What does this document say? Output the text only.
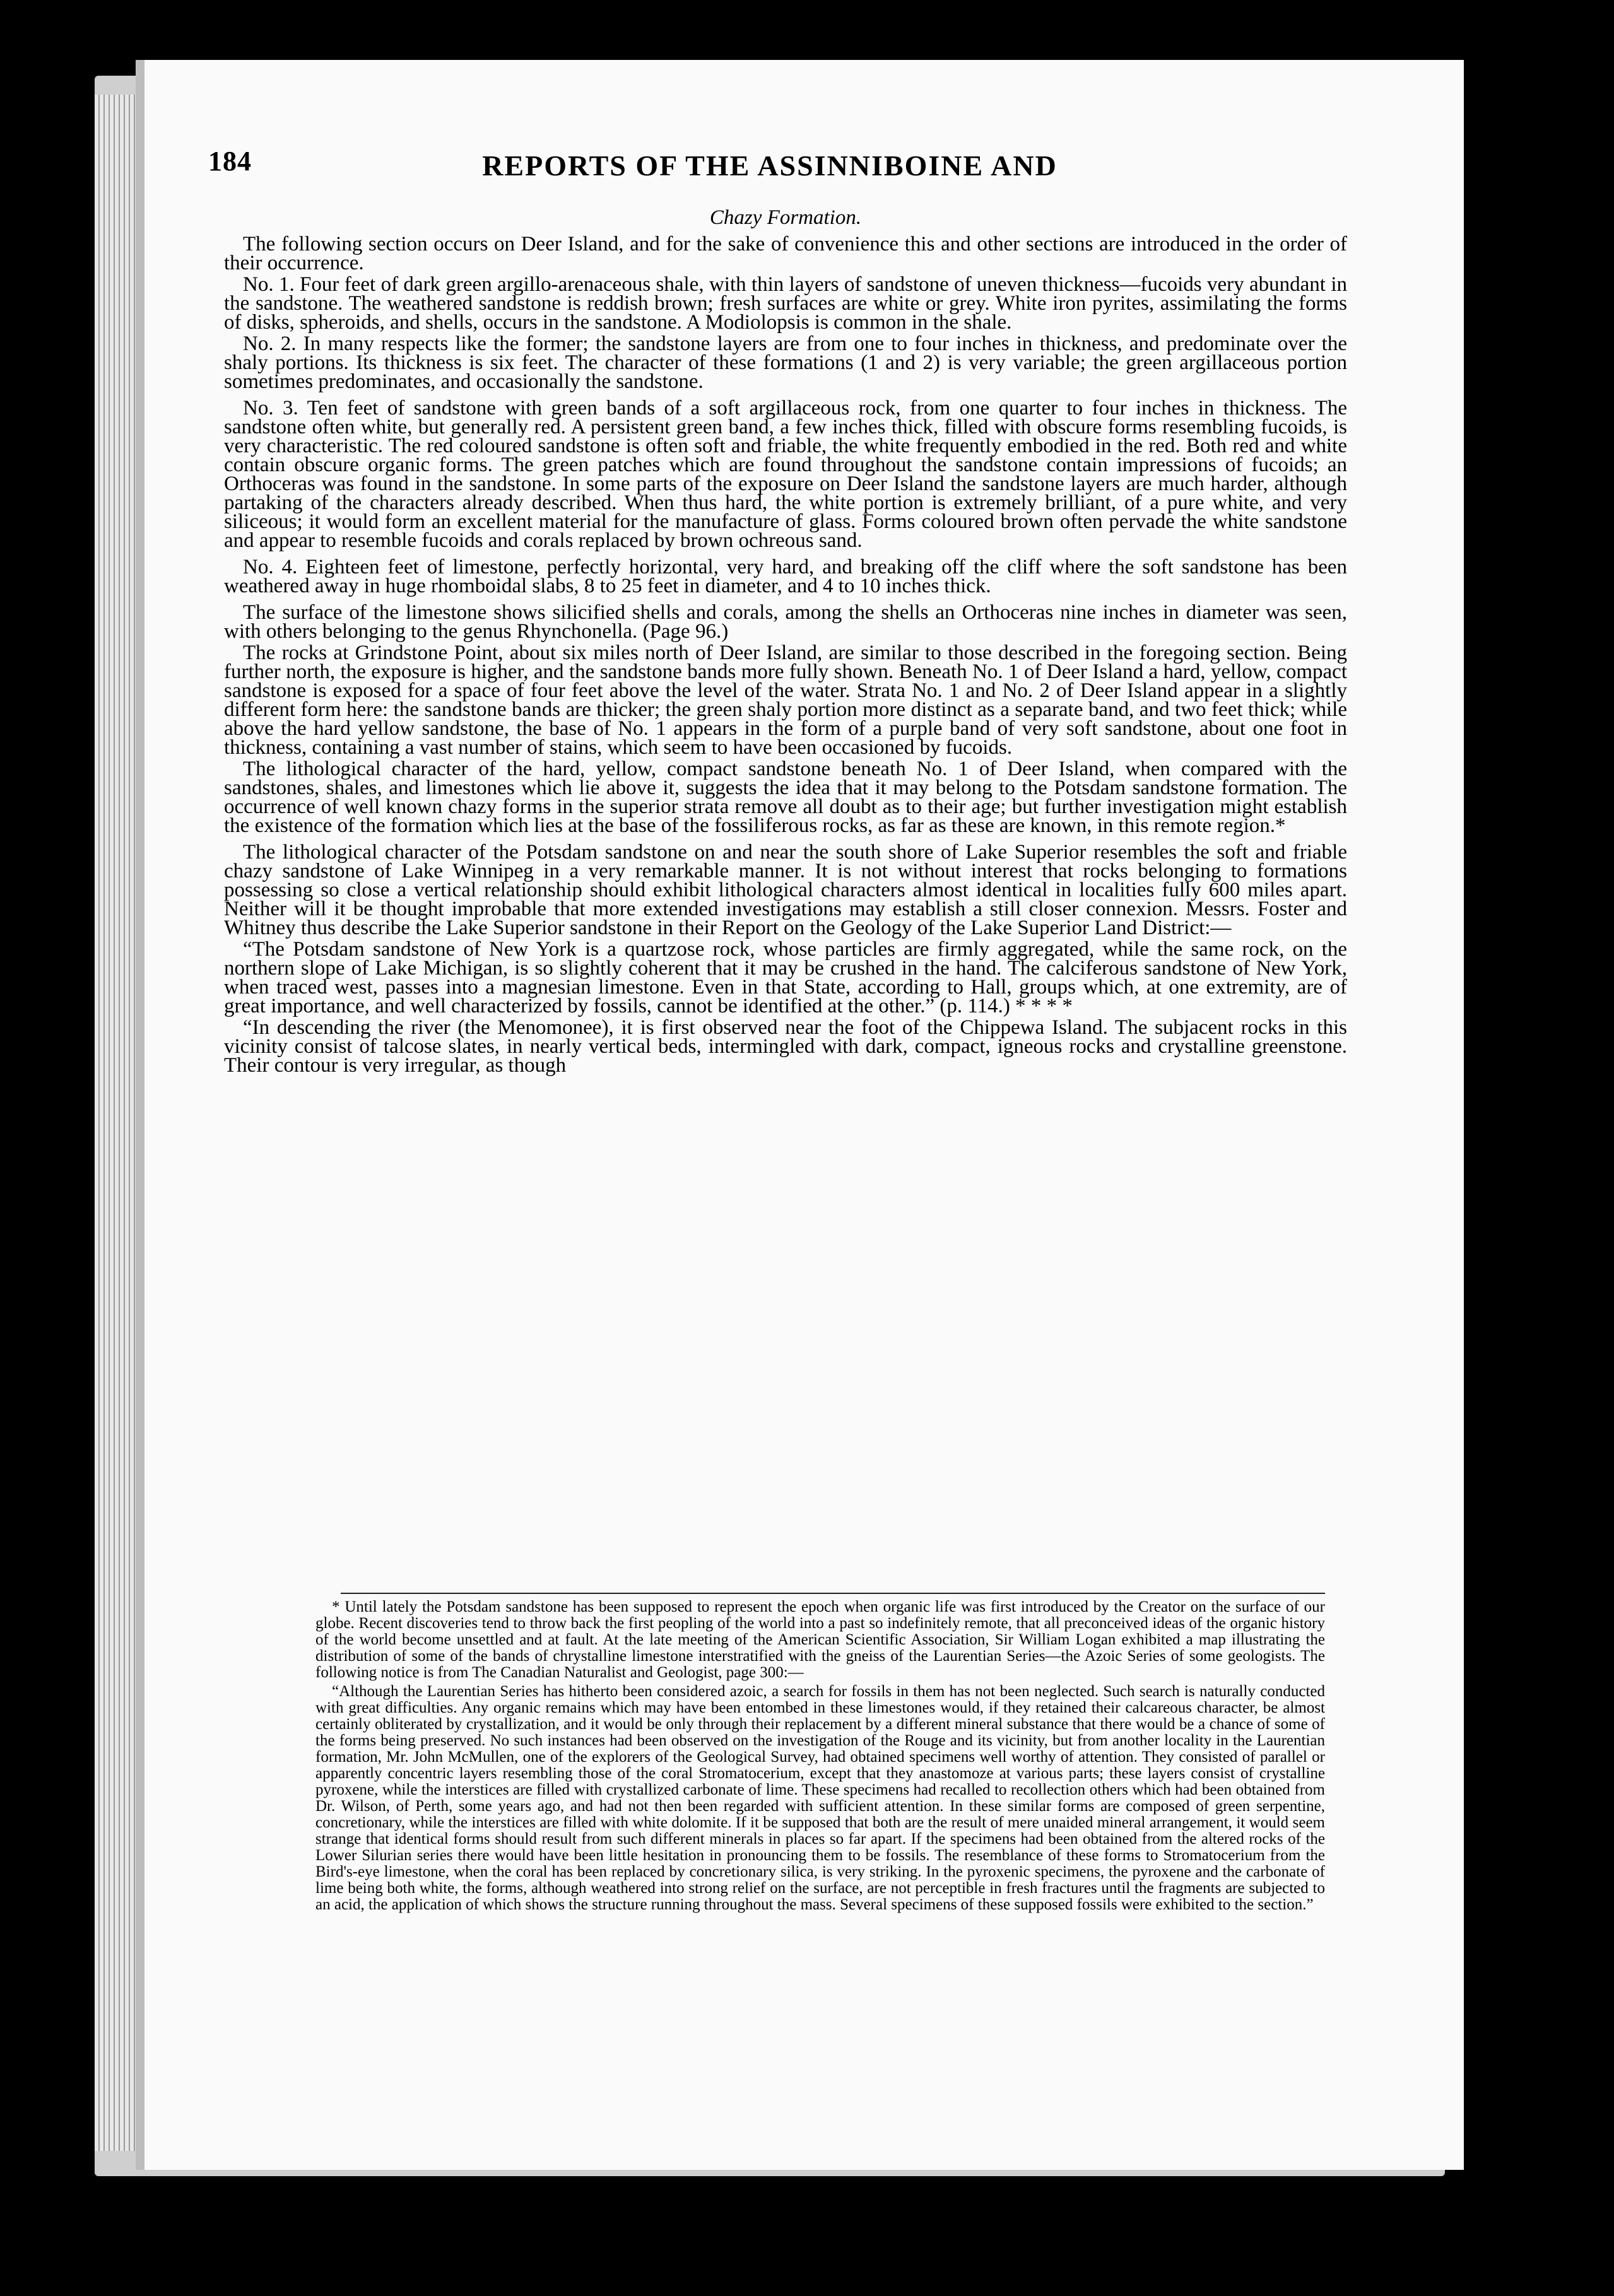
184	REPORTS OF THE ASSINNIBOINE AND
Chazy Formation.

The following section occurs on Deer Island, and for the sake of convenience this and other sections are introduced in the order of their occurrence.

No. 1. Four feet of dark green argillo-arenaceous shale, with thin layers of sandstone of uneven thickness—fucoids very abundant in the sandstone. The weathered sandstone is reddish brown; fresh surfaces are white or grey. White iron pyrites, assimilating the forms of disks, spheroids, and shells, occurs in the sandstone. A Modiolopsis is common in the shale.

No. 2. In many respects like the former; the sandstone layers are from one to four inches in thickness, and predominate over the shaly portions. Its thickness is six feet. The character of these formations (1 and 2) is very variable; the green argillaceous portion sometimes predominates, and occasionally the sandstone.

No. 3. Ten feet of sandstone with green bands of a soft argillaceous rock, from one quarter to four inches in thickness. The sandstone often white, but generally red. A persistent green band, a few inches thick, filled with obscure forms resembling fucoids, is very characteristic. The red coloured sandstone is often soft and friable, the white frequently embodied in the red. Both red and white contain obscure organic forms. The green patches which are found throughout the sandstone contain impressions of fucoids; an Orthoceras was found in the sandstone. In some parts of the exposure on Deer Island the sandstone layers are much harder, although partaking of the characters already described. When thus hard, the white portion is extremely brilliant, of a pure white, and very siliceous; it would form an excellent material for the manufacture of glass. Forms coloured brown often pervade the white sandstone and appear to resemble fucoids and corals replaced by brown ochreous sand.

No. 4. Eighteen feet of limestone, perfectly horizontal, very hard, and breaking off the cliff where the soft sandstone has been weathered away in huge rhomboidal slabs, 8 to 25 feet in diameter, and 4 to 10 inches thick.

The surface of the limestone shows silicified shells and corals, among the shells an Orthoceras nine inches in diameter was seen, with others belonging to the genus Rhynchonella. (Page 96.)

The rocks at Grindstone Point, about six miles north of Deer Island, are similar to those described in the foregoing section. Being further north, the exposure is higher, and the sandstone bands more fully shown. Beneath No. 1 of Deer Island a hard, yellow, compact sandstone is exposed for a space of four feet above the level of the water. Strata No. 1 and No. 2 of Deer Island appear in a slightly different form here: the sandstone bands are thicker; the green shaly portion more distinct as a separate band, and two feet thick; while above the hard yellow sandstone, the base of No. 1 appears in the form of a purple band of very soft sandstone, about one foot in thickness, containing a vast number of stains, which seem to have been occasioned by fucoids.

The lithological character of the hard, yellow, compact sandstone beneath No. 1 of Deer Island, when compared with the sandstones, shales, and limestones which lie above it, suggests the idea that it may belong to the Potsdam sandstone formation. The occurrence of well known chazy forms in the superior strata remove all doubt as to their age; but further investigation might establish the existence of the formation which lies at the base of the fossiliferous rocks, as far as these are known, in this remote region.*

The lithological character of the Potsdam sandstone on and near the south shore of Lake Superior resembles the soft and friable chazy sandstone of Lake Winnipeg in a very remarkable manner. It is not without interest that rocks belonging to formations possessing so close a vertical relationship should exhibit lithological characters almost identical in localities fully 600 miles apart. Neither will it be thought improbable that more extended investigations may establish a still closer connexion. Messrs. Foster and Whitney thus describe the Lake Superior sandstone in their Report on the Geology of the Lake Superior Land District:—

“The Potsdam sandstone of New York is a quartzose rock, whose particles are firmly aggregated, while the same rock, on the northern slope of Lake Michigan, is so slightly coherent that it may be crushed in the hand. The calciferous sandstone of New York, when traced west, passes into a magnesian limestone. Even in that State, according to Hall, groups which, at one extremity, are of great importance, and well characterized by fossils, cannot be identified at the other.” (p. 114.) * * * *

“In descending the river (the Menomonee), it is first observed near the foot of the Chippewa Island. The subjacent rocks in this vicinity consist of talcose slates, in nearly vertical beds, intermingled with dark, compact, igneous rocks and crystalline greenstone. Their contour is very irregular, as though

* Until lately the Potsdam sandstone has been supposed to represent the epoch when organic life was first introduced by the Creator on the surface of our globe. Recent discoveries tend to throw back the first peopling of the world into a past so indefinitely remote, that all preconceived ideas of the organic history of the world become unsettled and at fault. At the late meeting of the American Scientific Association, Sir William Logan exhibited a map illustrating the distribution of some of the bands of chrystalline limestone interstratified with the gneiss of the Laurentian Series—the Azoic Series of some geologists. The following notice is from The Canadian Naturalist and Geologist, page 300:—

“Although the Laurentian Series has hitherto been considered azoic, a search for fossils in them has not been neglected. Such search is naturally conducted with great difficulties. Any organic remains which may have been entombed in these limestones would, if they retained their calcareous character, be almost certainly obliterated by crystallization, and it would be only through their replacement by a different mineral substance that there would be a chance of some of the forms being preserved. No such instances had been observed on the investigation of the Rouge and its vicinity, but from another locality in the Laurentian formation, Mr. John McMullen, one of the explorers of the Geological Survey, had obtained specimens well worthy of attention. They consisted of parallel or apparently concentric layers resembling those of the coral Stromatocerium, except that they anastomoze at various parts; these layers consist of crystalline pyroxene, while the interstices are filled with crystallized carbonate of lime. These specimens had recalled to recollection others which had been obtained from Dr. Wilson, of Perth, some years ago, and had not then been regarded with sufficient attention. In these similar forms are composed of green serpentine, concretionary, while the interstices are filled with white dolomite. If it be supposed that both are the result of mere unaided mineral arrangement, it would seem strange that identical forms should result from such different minerals in places so far apart. If the specimens had been obtained from the altered rocks of the Lower Silurian series there would have been little hesitation in pronouncing them to be fossils. The resemblance of these forms to Stromatocerium from the Bird's-eye limestone, when the coral has been replaced by concretionary silica, is very striking. In the pyroxenic specimens, the pyroxene and the carbonate of lime being both white, the forms, although weathered into strong relief on the surface, are not perceptible in fresh fractures until the fragments are subjected to an acid, the application of which shows the structure running throughout the mass. Several specimens of these supposed fossils were exhibited to the section.”
